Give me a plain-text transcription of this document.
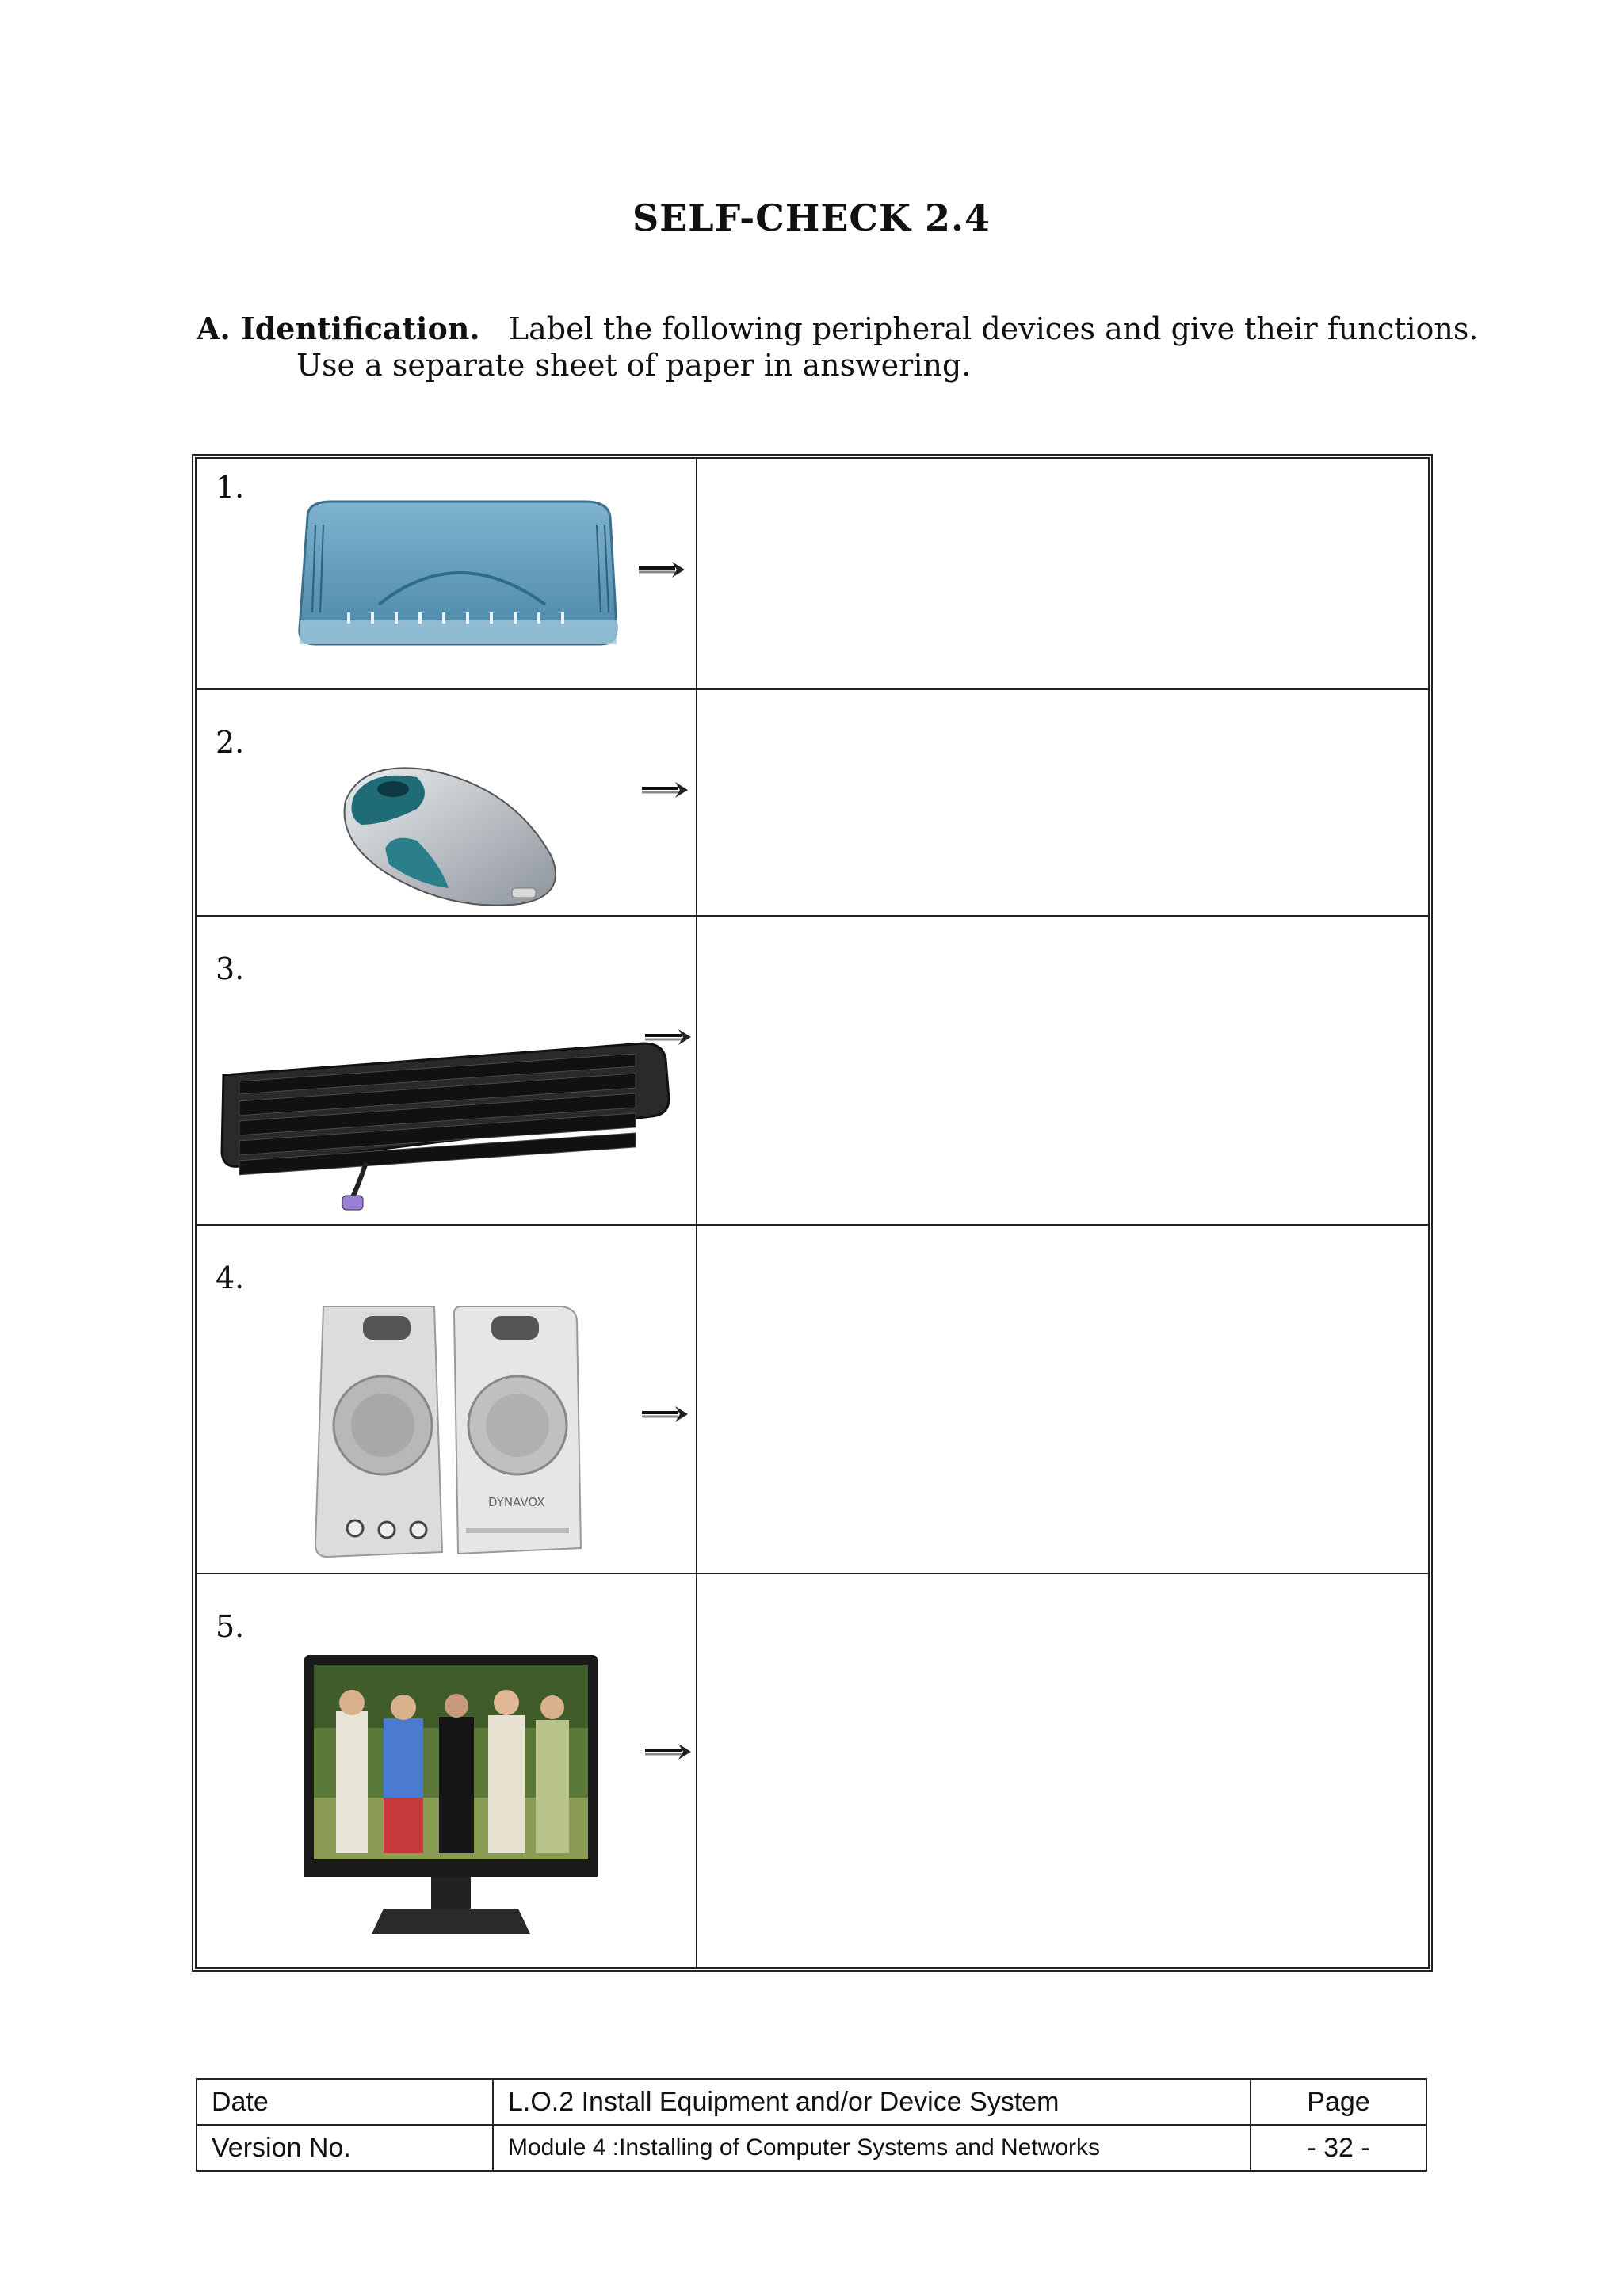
SELF-CHECK 2.4
A. Identification. Label the following peripheral devices and give their functions.
Use a separate sheet of paper in answering.
1.
2.
3.
4.
DYNAVOX
5.
Date	L.O.2 Install Equipment and/or Device System	Page
Version No.	Module 4 :Installing of Computer Systems and Networks	- 32 -
